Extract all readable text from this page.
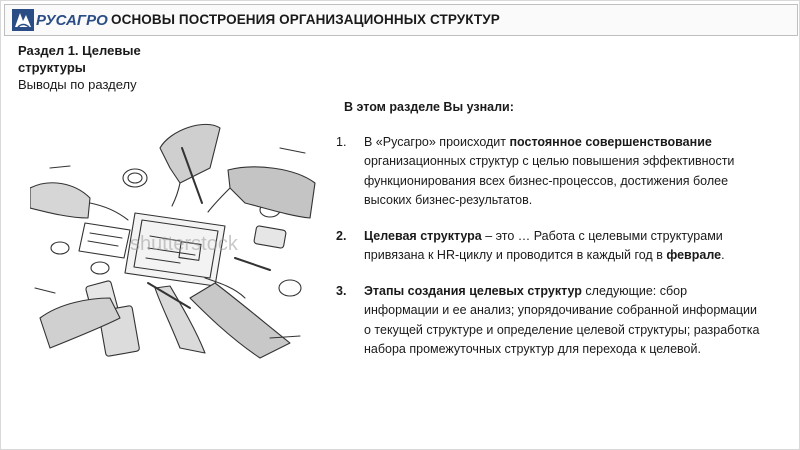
РУСАГРО ОСНОВЫ ПОСТРОЕНИЯ ОРГАНИЗАЦИОННЫХ СТРУКТУР
Раздел 1. Целевые структуры
Выводы по разделу
shutterstock
В этом разделе Вы узнали:
1. В «Русагро» происходит постоянное совершенствование организационных структур с целью повышения эффективности функционирования всех бизнес-процессов, достижения более высоких бизнес-результатов.
2. Целевая структура – это … Работа с целевыми структурами привязана к HR-циклу и проводится в каждый год в феврале.
3. Этапы создания целевых структур следующие: сбор информации и ее анализ; упорядочивание собранной информации о текущей структуре и определение целевой структуры; разработка набора промежуточных структур для перехода к целевой.
